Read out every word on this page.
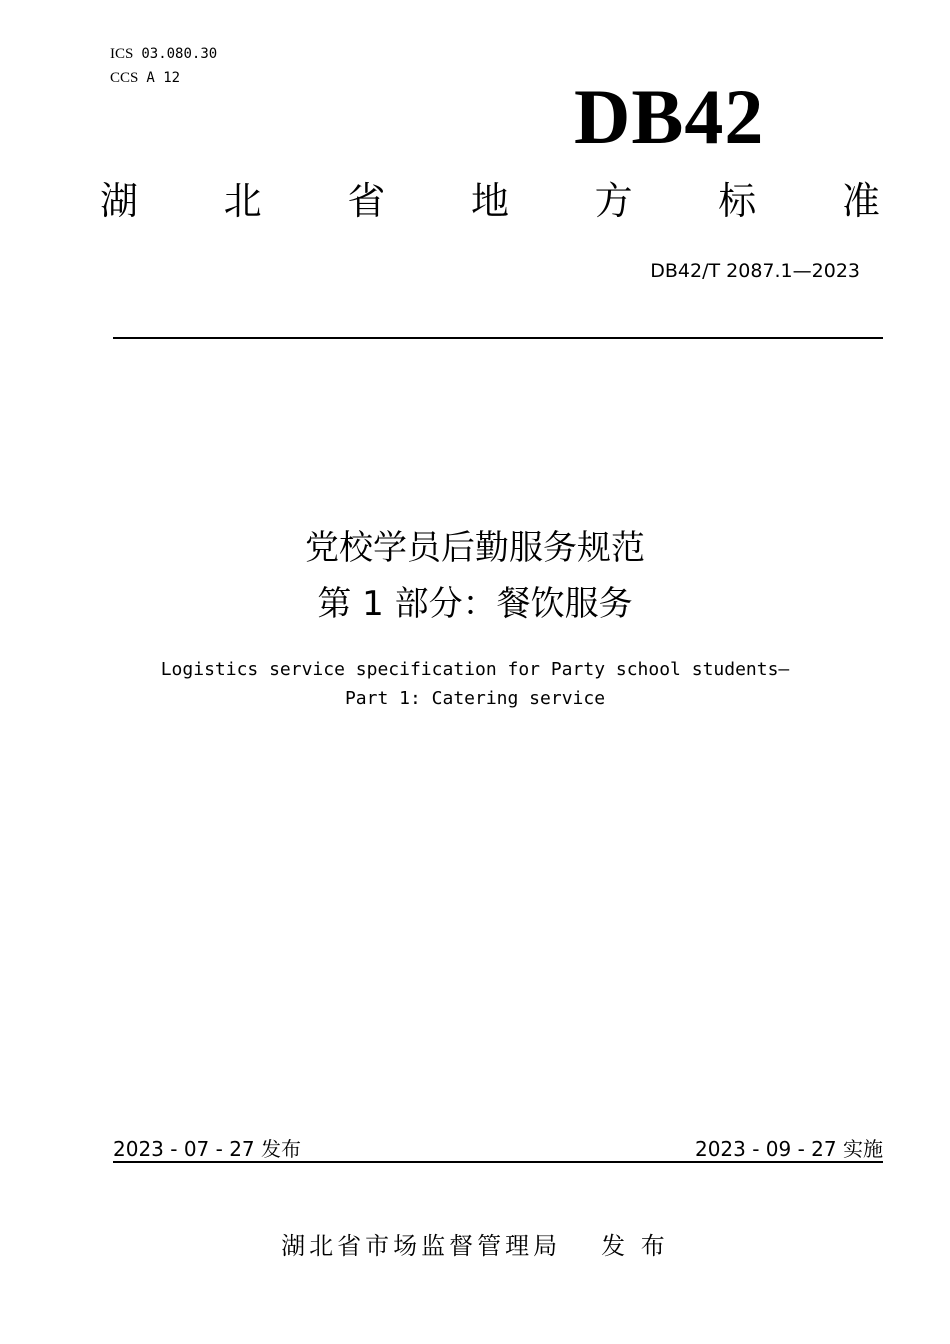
ICS 03.080.30
CCS A 12	DB42
湖 北 省 地 方 标 准
DB42/T 2087.1—2023
党校学员后勤服务规范
第 1 部分：餐饮服务
Logistics service specification for Party school students—
Part 1: Catering service
2023 - 07 - 27 发布	2023 - 09 - 27 实施
湖北省市场监督管理局 发 布
